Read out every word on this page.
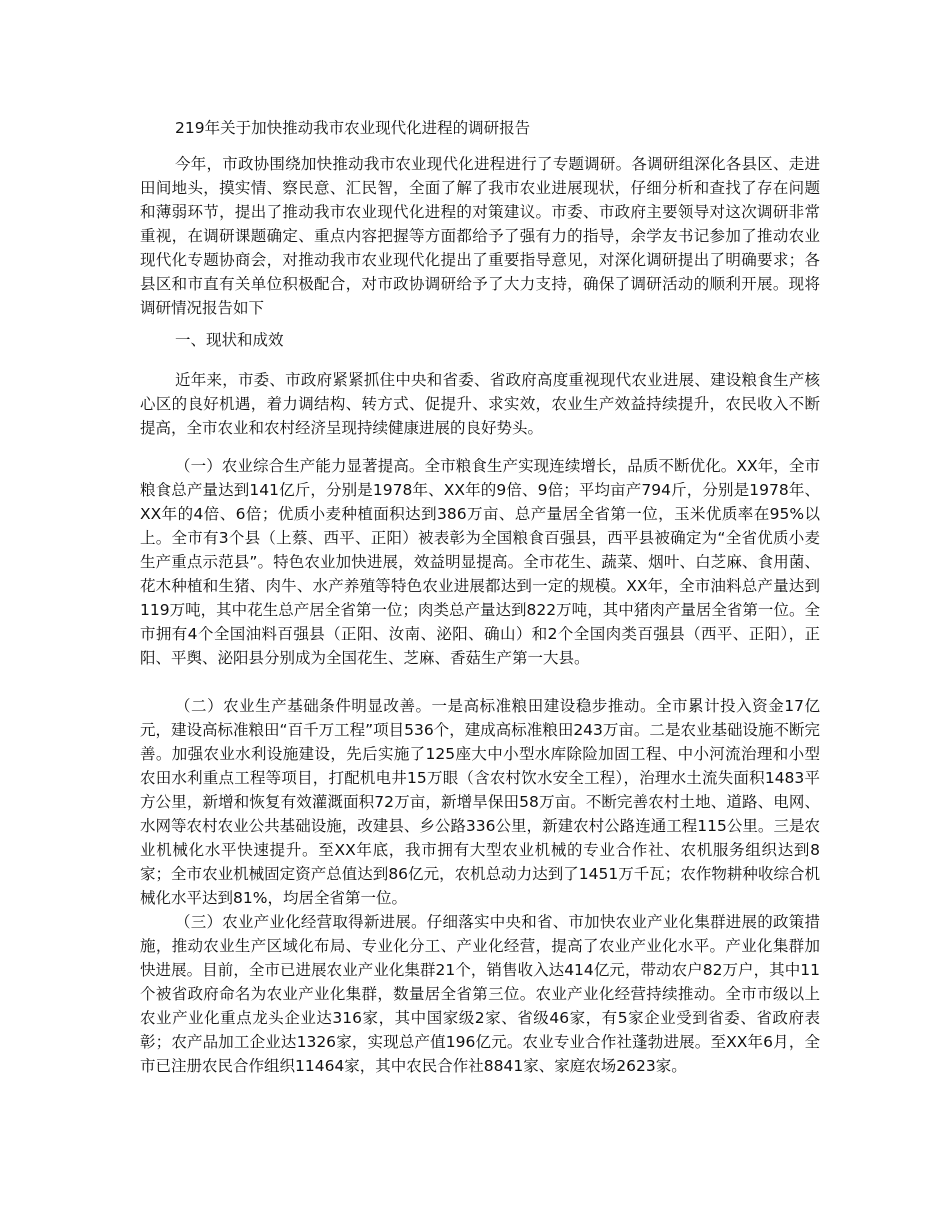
219年关于加快推动我市农业现代化进程的调研报告

今年，市政协围绕加快推动我市农业现代化进程进行了专题调研。各调研组深化各县区、走进田间地头，摸实情、察民意、汇民智，全面了解了我市农业进展现状，仔细分析和查找了存在问题和薄弱环节，提出了推动我市农业现代化进程的对策建议。市委、市政府主要领导对这次调研非常重视，在调研课题确定、重点内容把握等方面都给予了强有力的指导，余学友书记参加了推动农业现代化专题协商会，对推动我市农业现代化提出了重要指导意见，对深化调研提出了明确要求；各县区和市直有关单位积极配合，对市政协调研给予了大力支持，确保了调研活动的顺利开展。现将调研情况报告如下

一、现状和成效

近年来，市委、市政府紧紧抓住中央和省委、省政府高度重视现代农业进展、建设粮食生产核心区的良好机遇，着力调结构、转方式、促提升、求实效，农业生产效益持续提升，农民收入不断提高，全市农业和农村经济呈现持续健康进展的良好势头。

（一）农业综合生产能力显著提高。全市粮食生产实现连续增长，品质不断优化。XX年，全市粮食总产量达到141亿斤，分别是1978年、XX年的9倍、9倍；平均亩产794斤，分别是1978年、XX年的4倍、6倍；优质小麦种植面积达到386万亩、总产量居全省第一位，玉米优质率在95%以上。全市有3个县（上蔡、西平、正阳）被表彰为全国粮食百强县，西平县被确定为“全省优质小麦生产重点示范县”。特色农业加快进展，效益明显提高。全市花生、蔬菜、烟叶、白芝麻、食用菌、花木种植和生猪、肉牛、水产养殖等特色农业进展都达到一定的规模。XX年，全市油料总产量达到119万吨，其中花生总产居全省第一位；肉类总产量达到822万吨，其中猪肉产量居全省第一位。全市拥有4个全国油料百强县（正阳、汝南、泌阳、确山）和2个全国肉类百强县（西平、正阳），正阳、平舆、泌阳县分别成为全国花生、芝麻、香菇生产第一大县。

（二）农业生产基础条件明显改善。一是高标准粮田建设稳步推动。全市累计投入资金17亿元，建设高标准粮田“百千万工程”项目536个，建成高标准粮田243万亩。二是农业基础设施不断完善。加强农业水利设施建设，先后实施了125座大中小型水库除险加固工程、中小河流治理和小型农田水利重点工程等项目，打配机电井15万眼（含农村饮水安全工程），治理水土流失面积1483平方公里，新增和恢复有效灌溉面积72万亩，新增旱保田58万亩。不断完善农村土地、道路、电网、水网等农村农业公共基础设施，改建县、乡公路336公里，新建农村公路连通工程115公里。三是农业机械化水平快速提升。至XX年底，我市拥有大型农业机械的专业合作社、农机服务组织达到8家；全市农业机械固定资产总值达到86亿元，农机总动力达到了1451万千瓦；农作物耕种收综合机械化水平达到81%，均居全省第一位。

（三）农业产业化经营取得新进展。仔细落实中央和省、市加快农业产业化集群进展的政策措施，推动农业生产区域化布局、专业化分工、产业化经营，提高了农业产业化水平。产业化集群加快进展。目前，全市已进展农业产业化集群21个，销售收入达414亿元，带动农户82万户，其中11个被省政府命名为农业产业化集群，数量居全省第三位。农业产业化经营持续推动。全市市级以上农业产业化重点龙头企业达316家，其中国家级2家、省级46家，有5家企业受到省委、省政府表彰；农产品加工企业达1326家，实现总产值196亿元。农业专业合作社蓬勃进展。至XX年6月，全市已注册农民合作组织11464家，其中农民合作社8841家、家庭农场2623家。
